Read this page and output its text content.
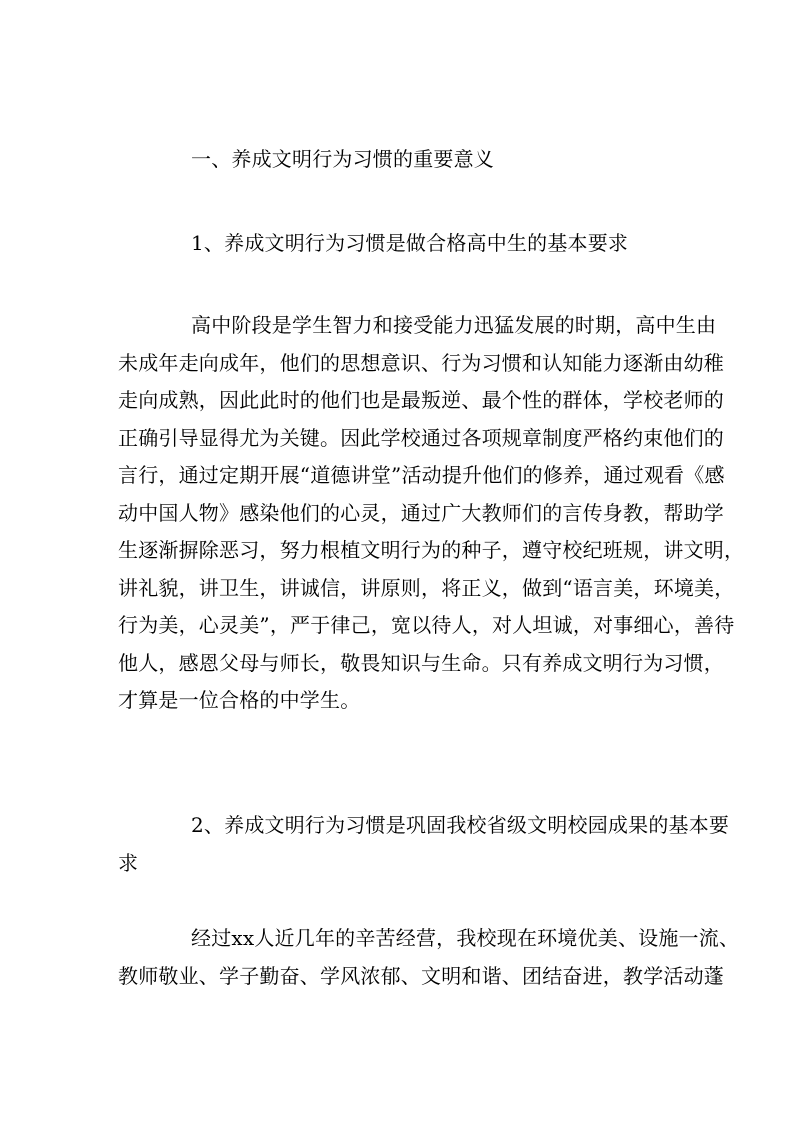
一、养成文明行为习惯的重要意义
1、养成文明行为习惯是做合格高中生的基本要求
高中阶段是学生智力和接受能力迅猛发展的时期，高中生由
未成年走向成年，他们的思想意识、行为习惯和认知能力逐渐由幼稚
走向成熟，因此此时的他们也是最叛逆、最个性的群体，学校老师的
正确引导显得尤为关键。因此学校通过各项规章制度严格约束他们的
言行，通过定期开展“道德讲堂”活动提升他们的修养，通过观看《感
动中国人物》感染他们的心灵，通过广大教师们的言传身教，帮助学
生逐渐摒除恶习，努力根植文明行为的种子，遵守校纪班规，讲文明，
讲礼貌，讲卫生，讲诚信，讲原则，将正义，做到“语言美，环境美，
行为美，心灵美”，严于律己，宽以待人，对人坦诚，对事细心，善待
他人，感恩父母与师长，敬畏知识与生命。只有养成文明行为习惯，
才算是一位合格的中学生。
2、养成文明行为习惯是巩固我校省级文明校园成果的基本要
求
经过xx人近几年的辛苦经营，我校现在环境优美、设施一流、
教师敬业、学子勤奋、学风浓郁、文明和谐、团结奋进，教学活动蓬
